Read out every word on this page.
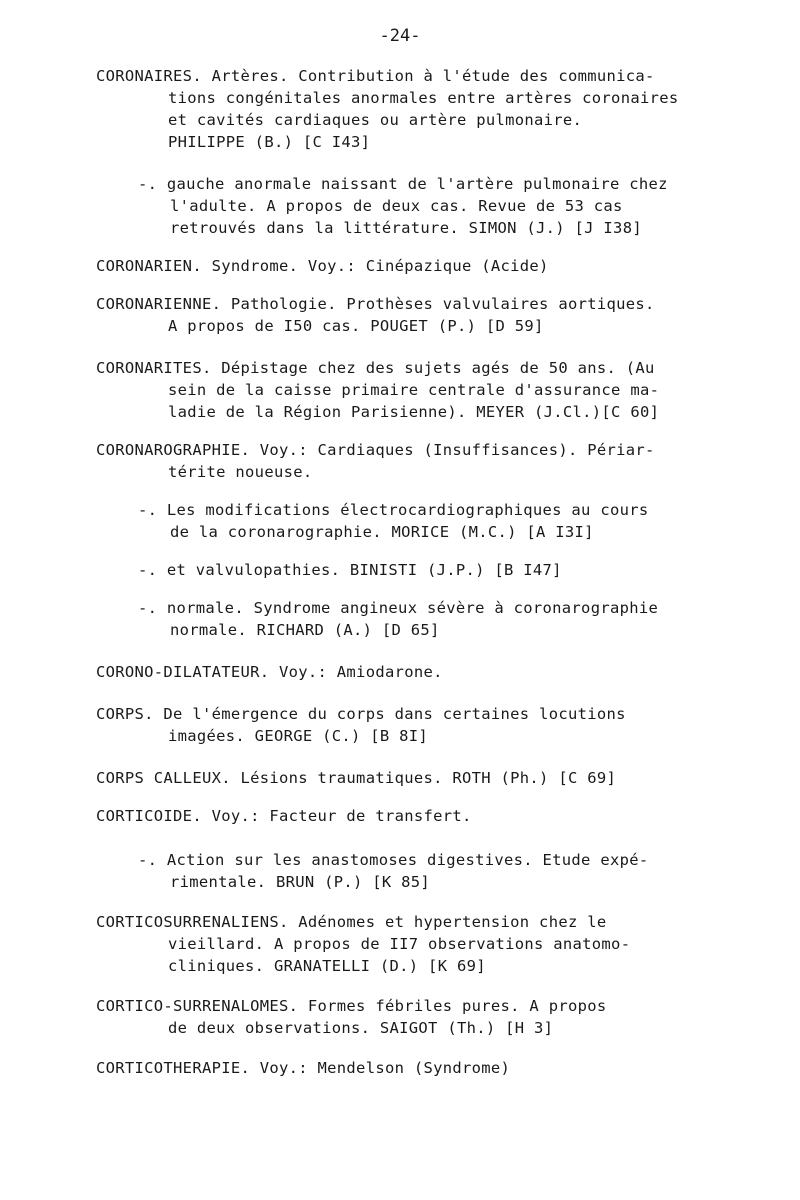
-24-
CORONAIRES. Artères. Contribution à l'étude des communica-
tions congénitales anormales entre artères coronaires
et cavités cardiaques ou artère pulmonaire.
PHILIPPE (B.) [C I43]
-. gauche anormale naissant de l'artère pulmonaire chez
l'adulte. A propos de deux cas. Revue de 53 cas
retrouvés dans la littérature. SIMON (J.) [J I38]
CORONARIEN. Syndrome. Voy.: Cinépazique (Acide)
CORONARIENNE. Pathologie. Prothèses valvulaires aortiques.
A propos de I50 cas. POUGET (P.) [D 59]
CORONARITES. Dépistage chez des sujets agés de 50 ans. (Au
sein de la caisse primaire centrale d'assurance ma-
ladie de la Région Parisienne). MEYER (J.Cl.)[C 60]
CORONAROGRAPHIE. Voy.: Cardiaques (Insuffisances). Périar-
térite noueuse.
-. Les modifications électrocardiographiques au cours
de la coronarographie. MORICE (M.C.) [A I3I]
-. et valvulopathies. BINISTI (J.P.) [B I47]
-. normale. Syndrome angineux sévère à coronarographie
normale. RICHARD (A.) [D 65]
CORONO-DILATATEUR. Voy.: Amiodarone.
CORPS. De l'émergence du corps dans certaines locutions
imagées. GEORGE (C.) [B 8I]
CORPS CALLEUX. Lésions traumatiques. ROTH (Ph.) [C 69]
CORTICOIDE. Voy.: Facteur de transfert.
-. Action sur les anastomoses digestives. Etude expé-
rimentale. BRUN (P.) [K 85]
CORTICOSURRENALIENS. Adénomes et hypertension chez le
vieillard. A propos de II7 observations anatomo-
cliniques. GRANATELLI (D.) [K 69]
CORTICO-SURRENALOMES. Formes fébriles pures. A propos
de deux observations. SAIGOT (Th.) [H 3]
CORTICOTHERAPIE. Voy.: Mendelson (Syndrome)
